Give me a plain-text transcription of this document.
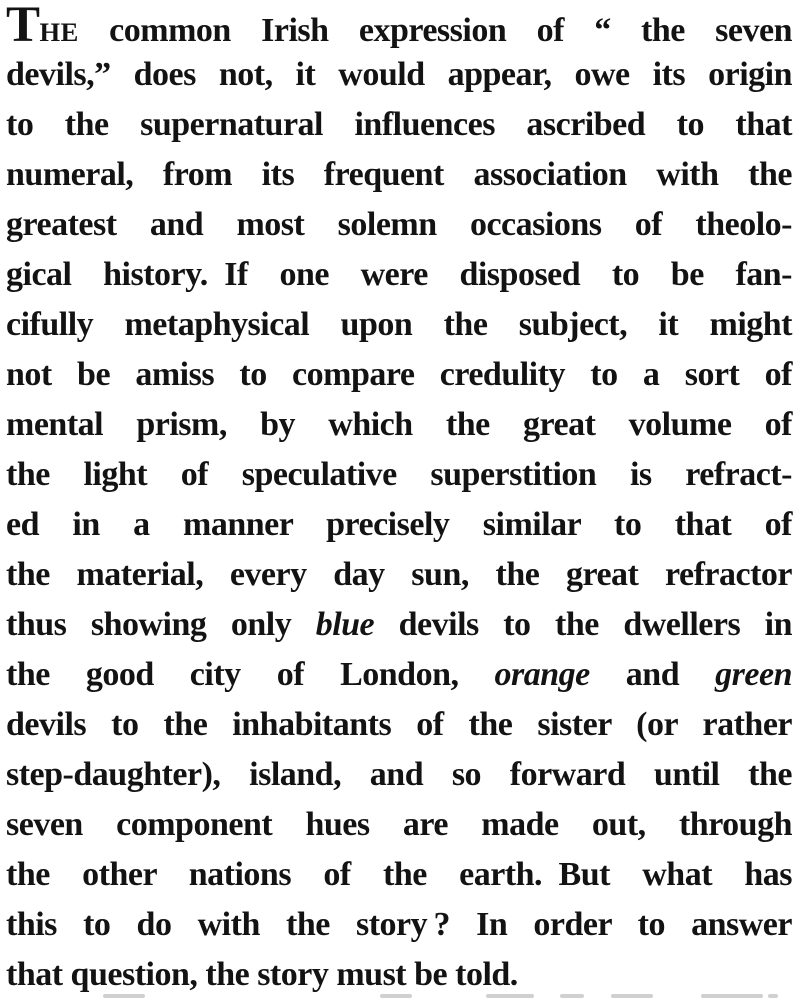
THE common Irish expression of “ the seven
devils,” does not, it would appear, owe its origin
to the supernatural influences ascribed to that
numeral, from its frequent association with the
greatest and most solemn occasions of theolo-
gical history. If one were disposed to be fan-
cifully metaphysical upon the subject, it might
not be amiss to compare credulity to a sort of
mental prism, by which the great volume of
the light of speculative superstition is refract-
ed in a manner precisely similar to that of
the material, every day sun, the great refractor
thus showing only blue devils to the dwellers in
the good city of London, orange and green
devils to the inhabitants of the sister (or rather
step-daughter), island, and so forward until the
seven component hues are made out, through
the other nations of the earth. But what has
this to do with the story ? In order to answer
that question, the story must be told.
